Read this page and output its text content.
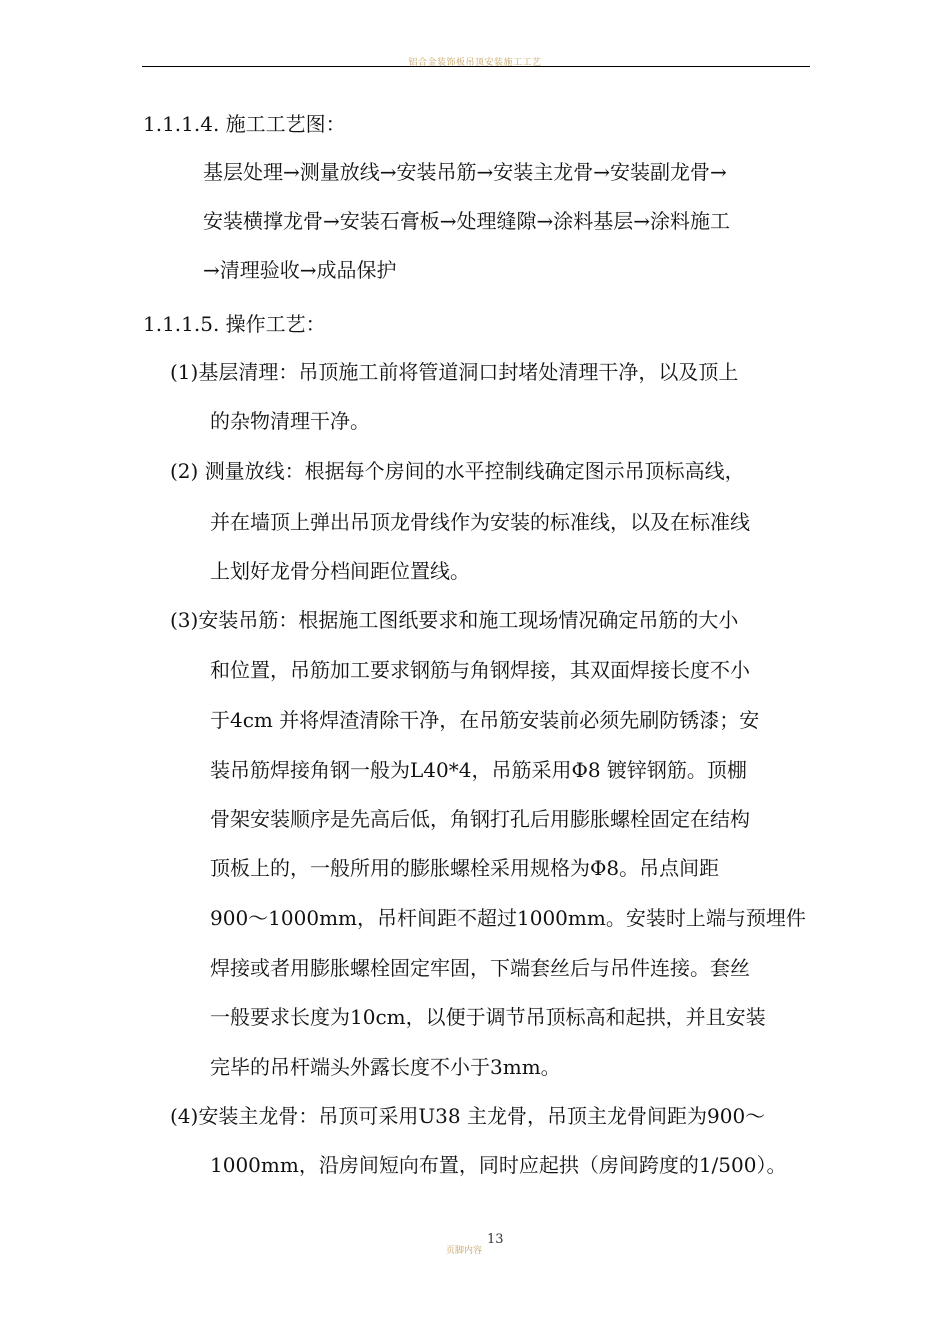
铝合金装饰板吊顶安装施工工艺
1.1.1.4. 施工工艺图：
基层处理→测量放线→安装吊筋→安装主龙骨→安装副龙骨→
安装横撑龙骨→安装石膏板→处理缝隙→涂料基层→涂料施工
→清理验收→成品保护
1.1.1.5. 操作工艺：
(1)基层清理：吊顶施工前将管道洞口封堵处清理干净，以及顶上
的杂物清理干净。
(2) 测量放线：根据每个房间的水平控制线确定图示吊顶标高线，
并在墙顶上弹出吊顶龙骨线作为安装的标准线，以及在标准线
上划好龙骨分档间距位置线。
(3)安装吊筋：根据施工图纸要求和施工现场情况确定吊筋的大小
和位置，吊筋加工要求钢筋与角钢焊接，其双面焊接长度不小
于4cm 并将焊渣清除干净，在吊筋安装前必须先刷防锈漆；安
装吊筋焊接角钢一般为L40*4，吊筋采用Φ8 镀锌钢筋。顶棚
骨架安装顺序是先高后低，角钢打孔后用膨胀螺栓固定在结构
顶板上的，一般所用的膨胀螺栓采用规格为Φ8。吊点间距
900～1000mm，吊杆间距不超过1000mm。安装时上端与预埋件
焊接或者用膨胀螺栓固定牢固，下端套丝后与吊件连接。套丝
一般要求长度为10cm，以便于调节吊顶标高和起拱，并且安装
完毕的吊杆端头外露长度不小于3mm。
(4)安装主龙骨：吊顶可采用U38 主龙骨，吊顶主龙骨间距为900～
1000mm，沿房间短向布置，同时应起拱（房间跨度的1/500）。
13
页脚内容
